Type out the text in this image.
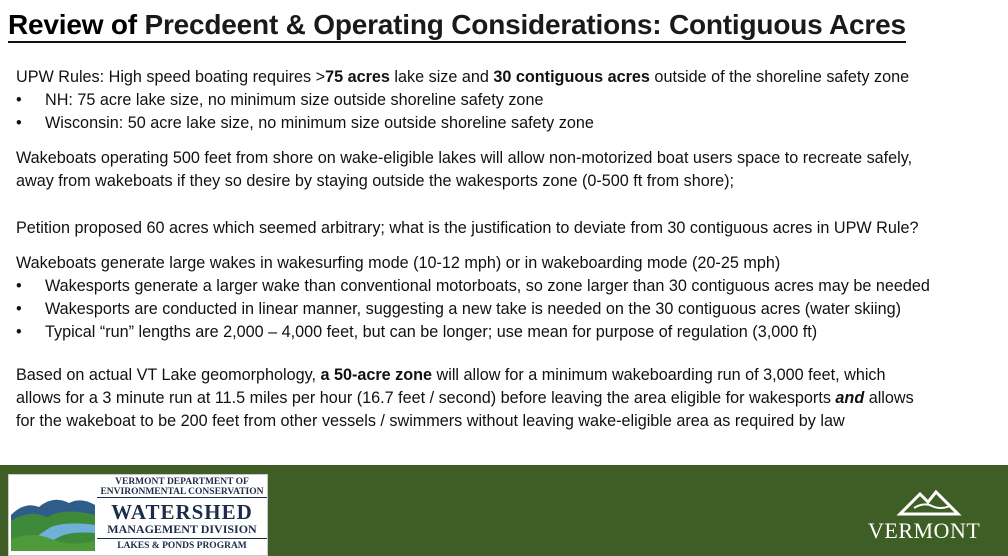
Review of Precdeent & Operating Considerations: Contiguous Acres
UPW Rules: High speed boating requires >75 acres lake size and 30 contiguous acres outside of the shoreline safety zone
• NH: 75 acre lake size, no minimum size outside shoreline safety zone
• Wisconsin: 50 acre lake size, no minimum size outside shoreline safety zone
Wakeboats operating 500 feet from shore on wake-eligible lakes will allow non-motorized boat users space to recreate safely,
away from wakeboats if they so desire by staying outside the wakesports zone (0-500 ft from shore);
Petition proposed 60 acres which seemed arbitrary; what is the justification to deviate from 30 contiguous acres in UPW Rule?
Wakeboats generate large wakes in wakesurfing mode (10-12 mph) or in wakeboarding mode (20-25 mph)
• Wakesports generate a larger wake than conventional motorboats, so zone larger than 30 contiguous acres may be needed
• Wakesports are conducted in linear manner, suggesting a new take is needed on the 30 contiguous acres (water skiing)
• Typical “run” lengths are 2,000 – 4,000 feet, but can be longer; use mean for purpose of regulation (3,000 ft)
Based on actual VT Lake geomorphology, a 50-acre zone will allow for a minimum wakeboarding run of 3,000 feet, which
allows for a 3 minute run at 11.5 miles per hour (16.7 feet / second) before leaving the area eligible for wakesports and allows
for the wakeboat to be 200 feet from other vessels / swimmers without leaving wake-eligible area as required by law
VERMONT DEPARTMENT OF
ENVIRONMENTAL CONSERVATION
WATERSHED
MANAGEMENT DIVISION
LAKES & PONDS PROGRAM
VERMONT
